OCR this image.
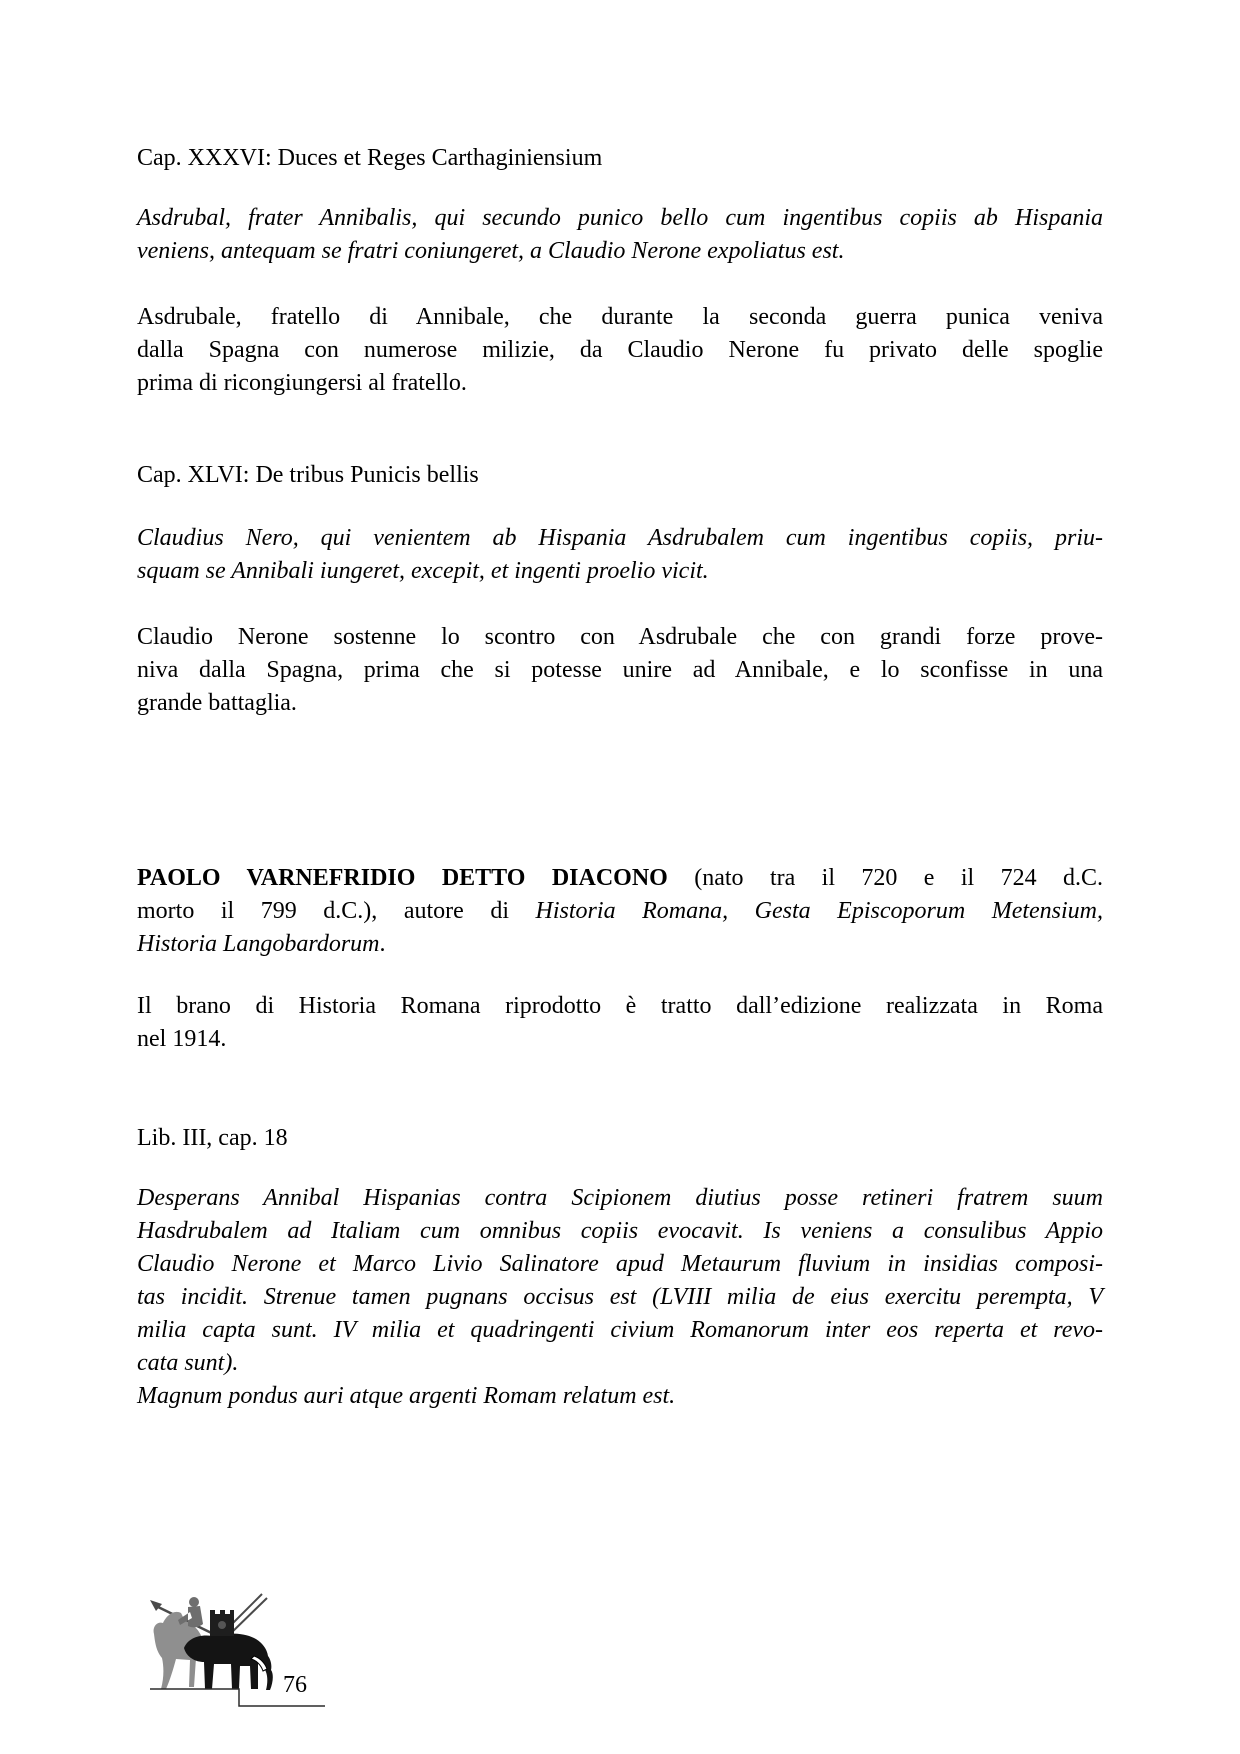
Cap. XXXVI: Duces et Reges Carthaginiensium
Asdrubal, frater Annibalis, qui secundo punico bello cum ingentibus copiis ab Hispania
veniens, antequam se fratri coniungeret, a Claudio Nerone expoliatus est.
Asdrubale, fratello di Annibale, che durante la seconda guerra punica veniva
dalla Spagna con numerose milizie, da Claudio Nerone fu privato delle spoglie
prima di ricongiungersi al fratello.
Cap. XLVI: De tribus Punicis bellis
Claudius Nero, qui venientem ab Hispania Asdrubalem cum ingentibus copiis, priu-
squam se Annibali iungeret, excepit, et ingenti proelio vicit.
Claudio Nerone sostenne lo scontro con Asdrubale che con grandi forze prove-
niva dalla Spagna, prima che si potesse unire ad Annibale, e lo sconfisse in una
grande battaglia.
PAOLO VARNEFRIDIO DETTO DIACONO (nato tra il 720 e il 724 d.C.
morto il 799 d.C.), autore di Historia Romana, Gesta Episcoporum Metensium,
Historia Langobardorum.
Il brano di Historia Romana riprodotto è tratto dall’edizione realizzata in Roma
nel 1914.
Lib. III, cap. 18
Desperans Annibal Hispanias contra Scipionem diutius posse retineri fratrem suum
Hasdrubalem ad Italiam cum omnibus copiis evocavit. Is veniens a consulibus Appio
Claudio Nerone et Marco Livio Salinatore apud Metaurum fluvium in insidias composi-
tas incidit. Strenue tamen pugnans occisus est (LVIII milia de eius exercitu perempta, V
milia capta sunt. IV milia et quadringenti civium Romanorum inter eos reperta et revo-
cata sunt).
Magnum pondus auri atque argenti Romam relatum est.
76
